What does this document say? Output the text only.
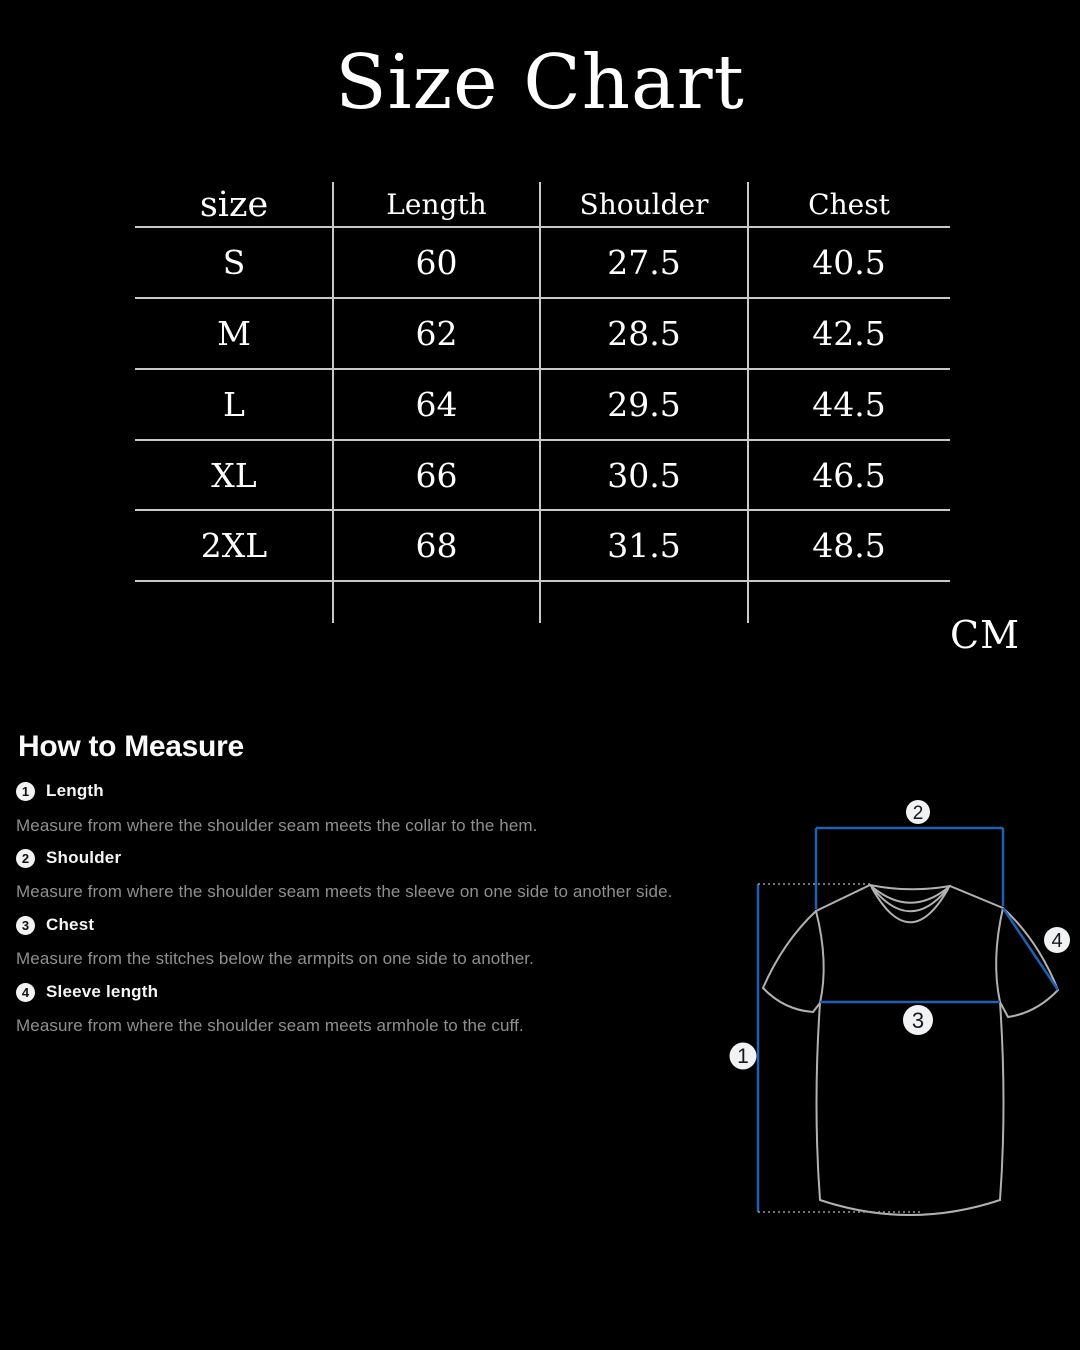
Size Chart
size	Length	Shoulder	Chest
S	60	27.5	40.5
M	62	28.5	42.5
L	64	29.5	44.5
XL	66	30.5	46.5
2XL	68	31.5	48.5
CM
How to Measure
1 Length
Measure from where the shoulder seam meets the collar to the hem.
2 Shoulder
Measure from where the shoulder seam meets the sleeve on one side to another side.
3 Chest
Measure from the stitches below the armpits on one side to another.
4 Sleeve length
Measure from where the shoulder seam meets armhole to the cuff.
2
1
3
4
